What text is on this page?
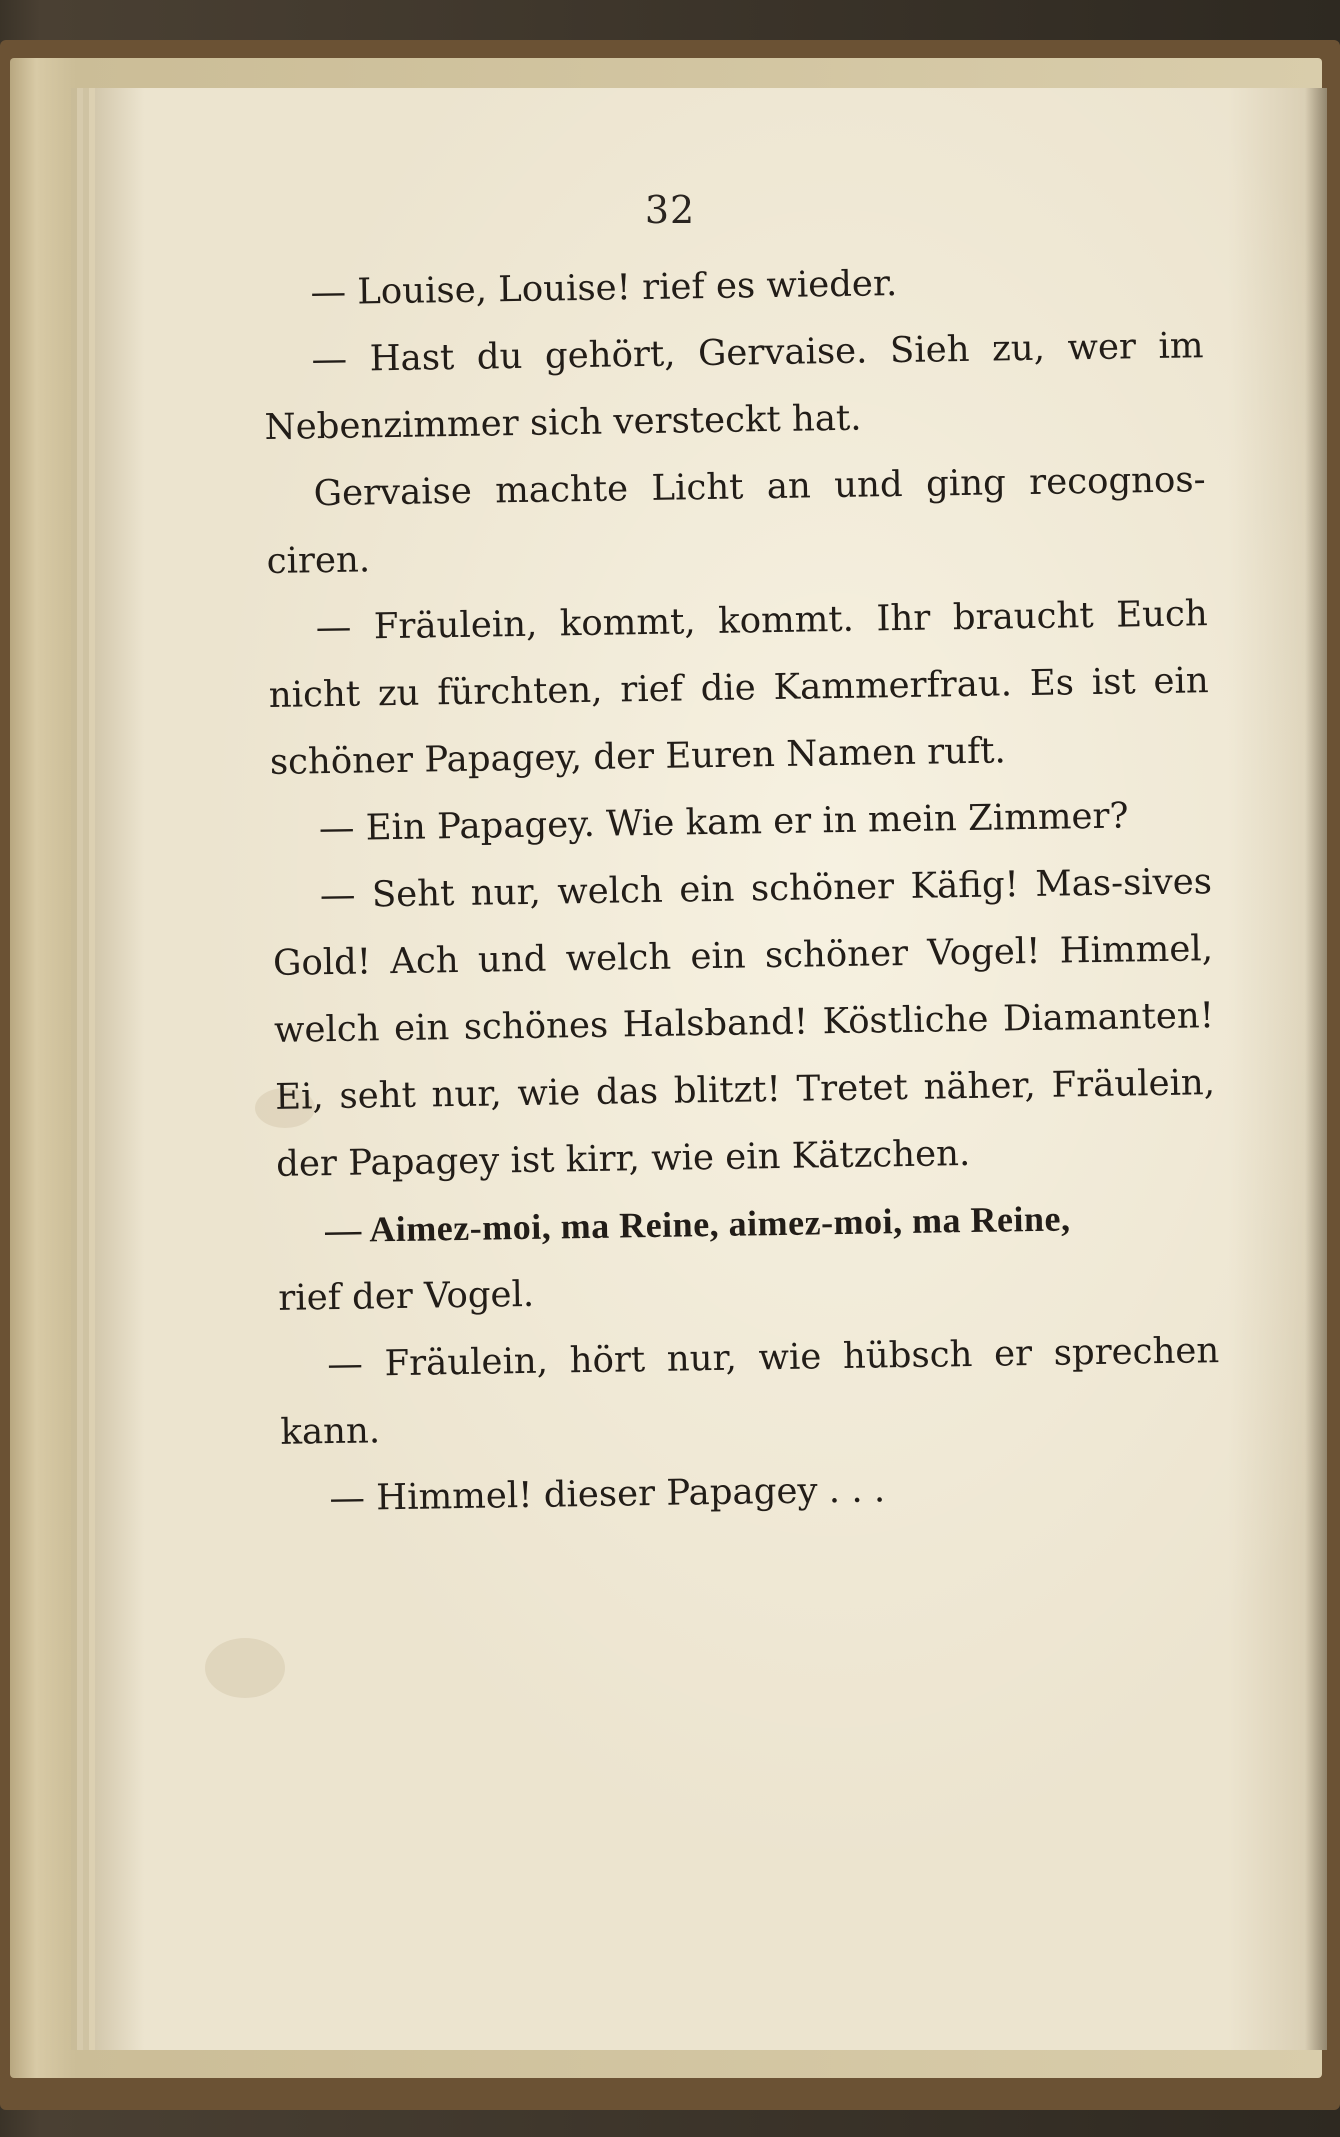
32

— Louise, Louise! rief es wieder.

— Hast du gehört, Gervaise. Sieh zu, wer im Nebenzimmer sich versteckt hat.

Gervaise machte Licht an und ging recognos-ciren.

— Fräulein, kommt, kommt. Ihr braucht Euch nicht zu fürchten, rief die Kammerfrau. Es ist ein schöner Papagey, der Euren Namen ruft.

— Ein Papagey. Wie kam er in mein Zimmer?

— Seht nur, welch ein schöner Käfig! Mas-sives Gold! Ach und welch ein schöner Vogel! Himmel, welch ein schönes Halsband! Köstliche Diamanten! Ei, seht nur, wie das blitzt! Tretet näher, Fräulein, der Papagey ist kirr, wie ein Kätzchen.

— Aimez-moi, ma Reine, aimez-moi, ma Reine,

rief der Vogel.

— Fräulein, hört nur, wie hübsch er sprechen kann.

— Himmel! dieser Papagey . . .
